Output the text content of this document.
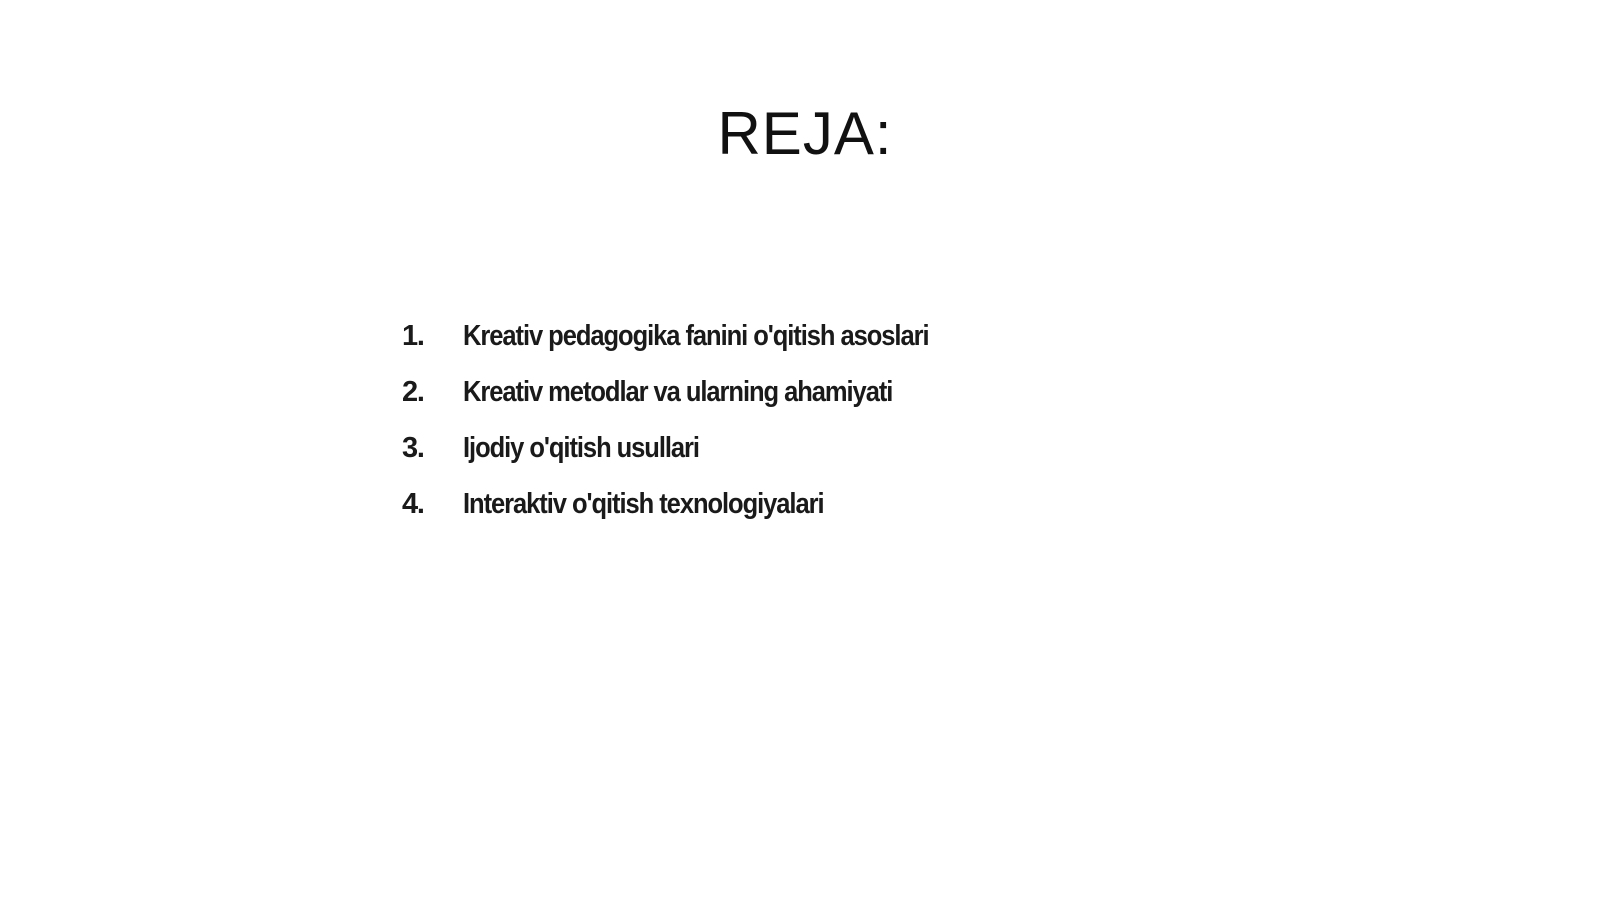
REJA:
1.	Kreativ pedagogika fanini o'qitish asoslari
2.	Kreativ metodlar va ularning ahamiyati
3.	Ijodiy o'qitish usullari
4.	Interaktiv o'qitish texnologiyalari
